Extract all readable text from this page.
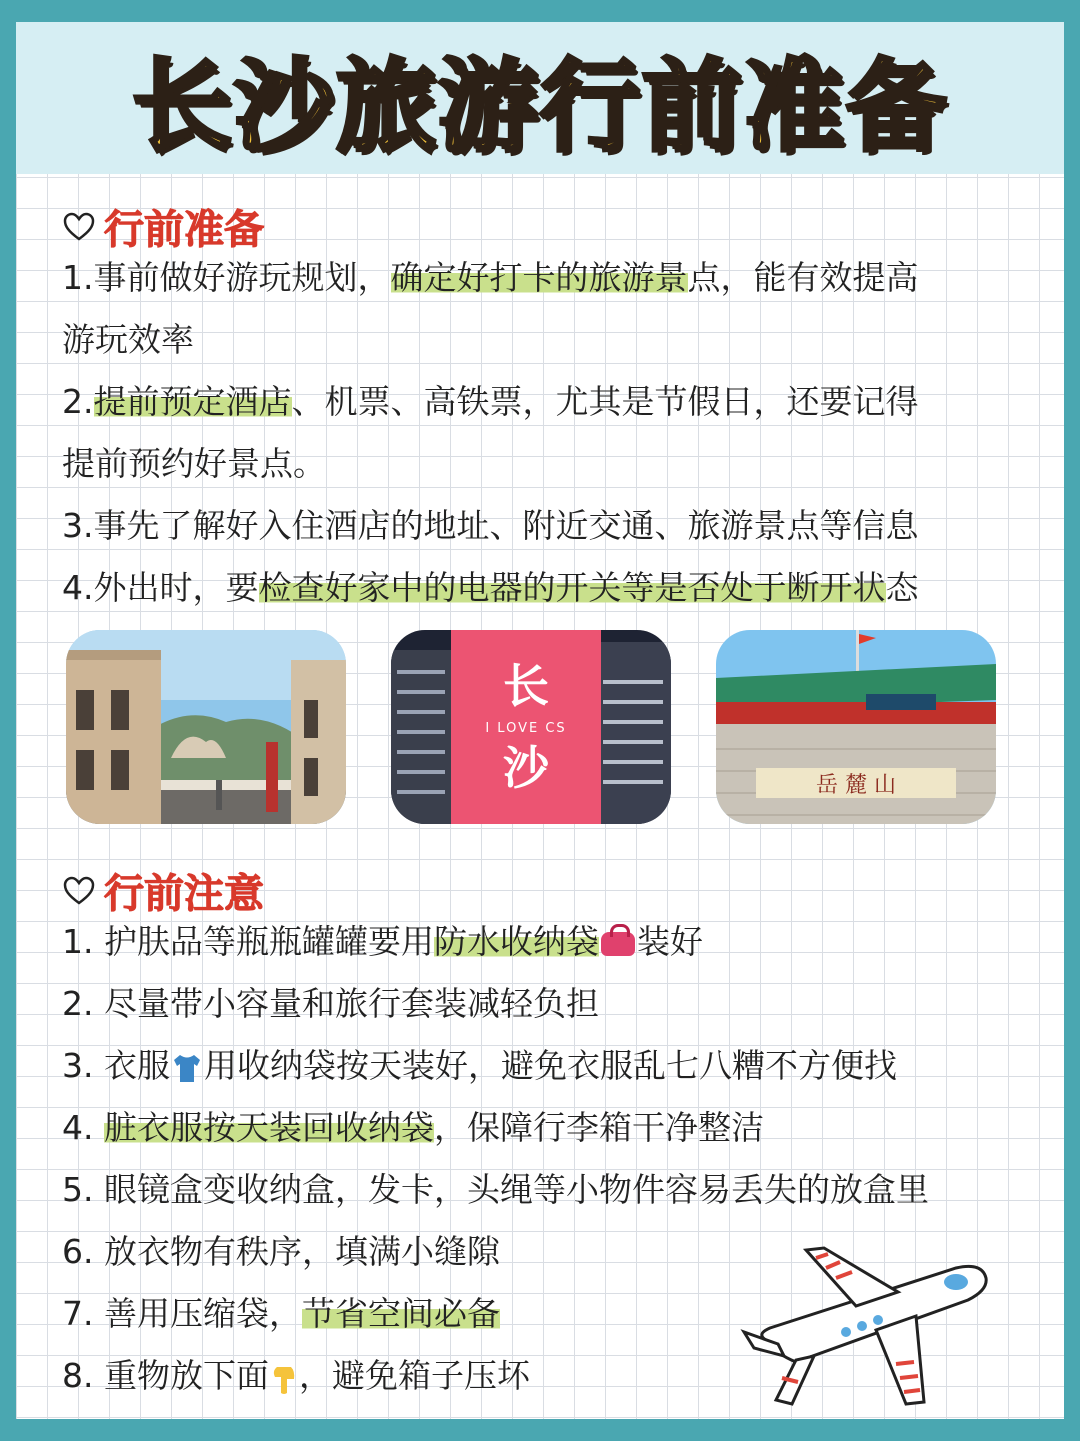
长沙旅游行前准备
行前准备
1.事前做好游玩规划，确定好打卡的旅游景点，能有效提高
游玩效率
2.提前预定酒店、机票、高铁票，尤其是节假日，还要记得
提前预约好景点。
3.事先了解好入住酒店的地址、附近交通、旅游景点等信息
4.外出时，要检查好家中的电器的开关等是否处于断开状态
长
I LOVE CS
沙	岳 麓 山
行前注意
1. 护肤品等瓶瓶罐罐要用防水收纳袋 装好
2. 尽量带小容量和旅行套装减轻负担
3. 衣服 用收纳袋按天装好，避免衣服乱七八糟不方便找
4. 脏衣服按天装回收纳袋，保障行李箱干净整洁
5. 眼镜盒变收纳盒，发卡，头绳等小物件容易丢失的放盒里
6. 放衣物有秩序，填满小缝隙
7. 善用压缩袋，节省空间必备
8. 重物放下面 ，避免箱子压坏
